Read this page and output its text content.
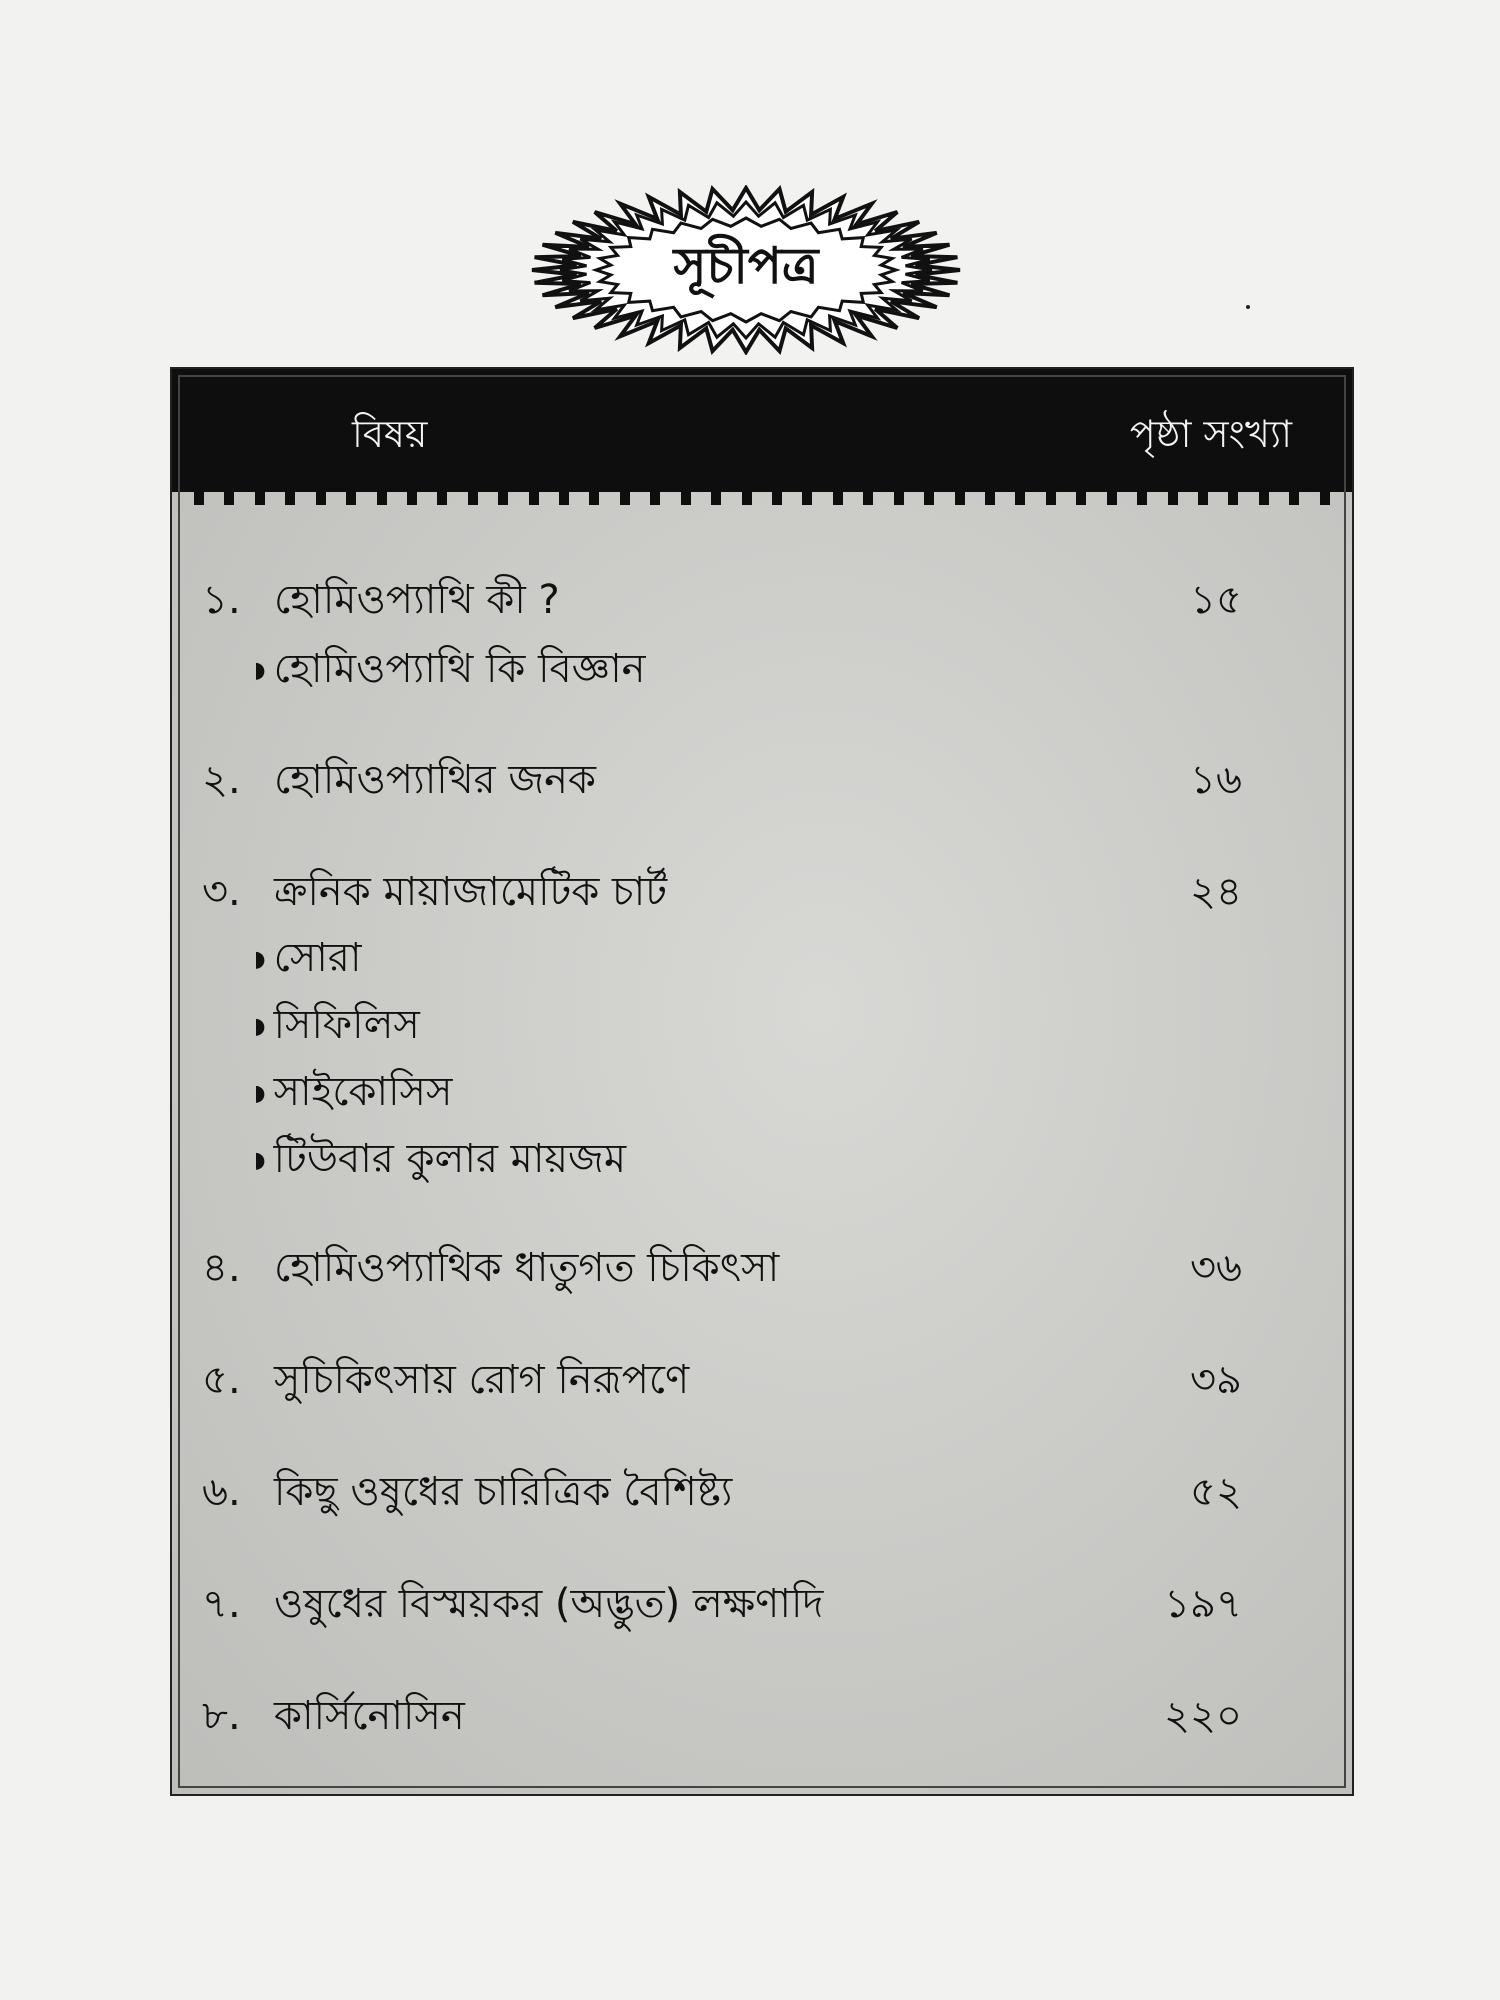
সূচীপত্র
বিষয়	পৃষ্ঠা সংখ্যা
১. হোমিওপ্যাথি কী ?	১৫
◗ হোমিওপ্যাথি কি বিজ্ঞান
২. হোমিওপ্যাথির জনক	১৬
৩. ক্রনিক মায়াজামেটিক চার্ট	২৪
◗ সোরা
◗ সিফিলিস
◗ সাইকোসিস
◗ টিউবার কুলার মায়জম
৪. হোমিওপ্যাথিক ধাতুগত চিকিৎসা	৩৬
৫. সুচিকিৎসায় রোগ নিরূপণে	৩৯
৬. কিছু ওষুধের চারিত্রিক বৈশিষ্ট্য	৫২
৭. ওষুধের বিস্ময়কর (অদ্ভুত) লক্ষণাদি	১৯৭
৮. কার্সিনোসিন	২২০
